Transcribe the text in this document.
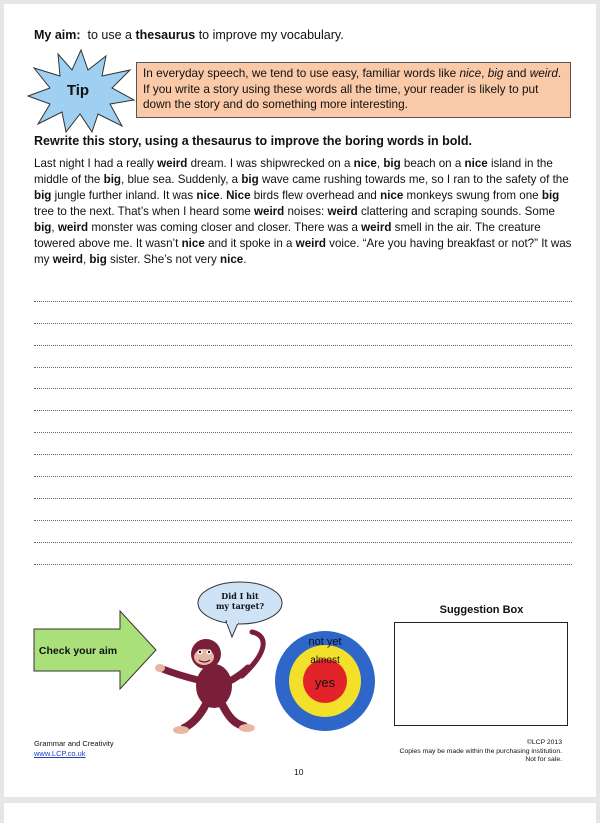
My aim: to use a thesaurus to improve my vocabulary.
Tip
In everyday speech, we tend to use easy, familiar words like nice, big and weird. If you write a story using these words all the time, your reader is likely to put down the story and do something more interesting.
Rewrite this story, using a thesaurus to improve the boring words in bold.
Last night I had a really weird dream. I was shipwrecked on a nice, big beach on a nice island in the middle of the big, blue sea. Suddenly, a big wave came rushing towards me, so I ran to the safety of the big jungle further inland. It was nice. Nice birds flew overhead and nice monkeys swung from one big tree to the next. That’s when I heard some weird noises: weird clattering and scraping sounds. Some big, weird monster was coming closer and closer. There was a weird smell in the air. The creature towered above me. It wasn’t nice and it spoke in a weird voice. “Are you having breakfast or not?” It was my weird, big sister. She’s not very nice.
Check your aim
Did I hit
my target?
not yet
almost
yes
Suggestion Box
Grammar and Creativity
www.LCP.co.uk
©LCP 2013
Copies may be made within the purchasing institution.
Not for sale.
10
